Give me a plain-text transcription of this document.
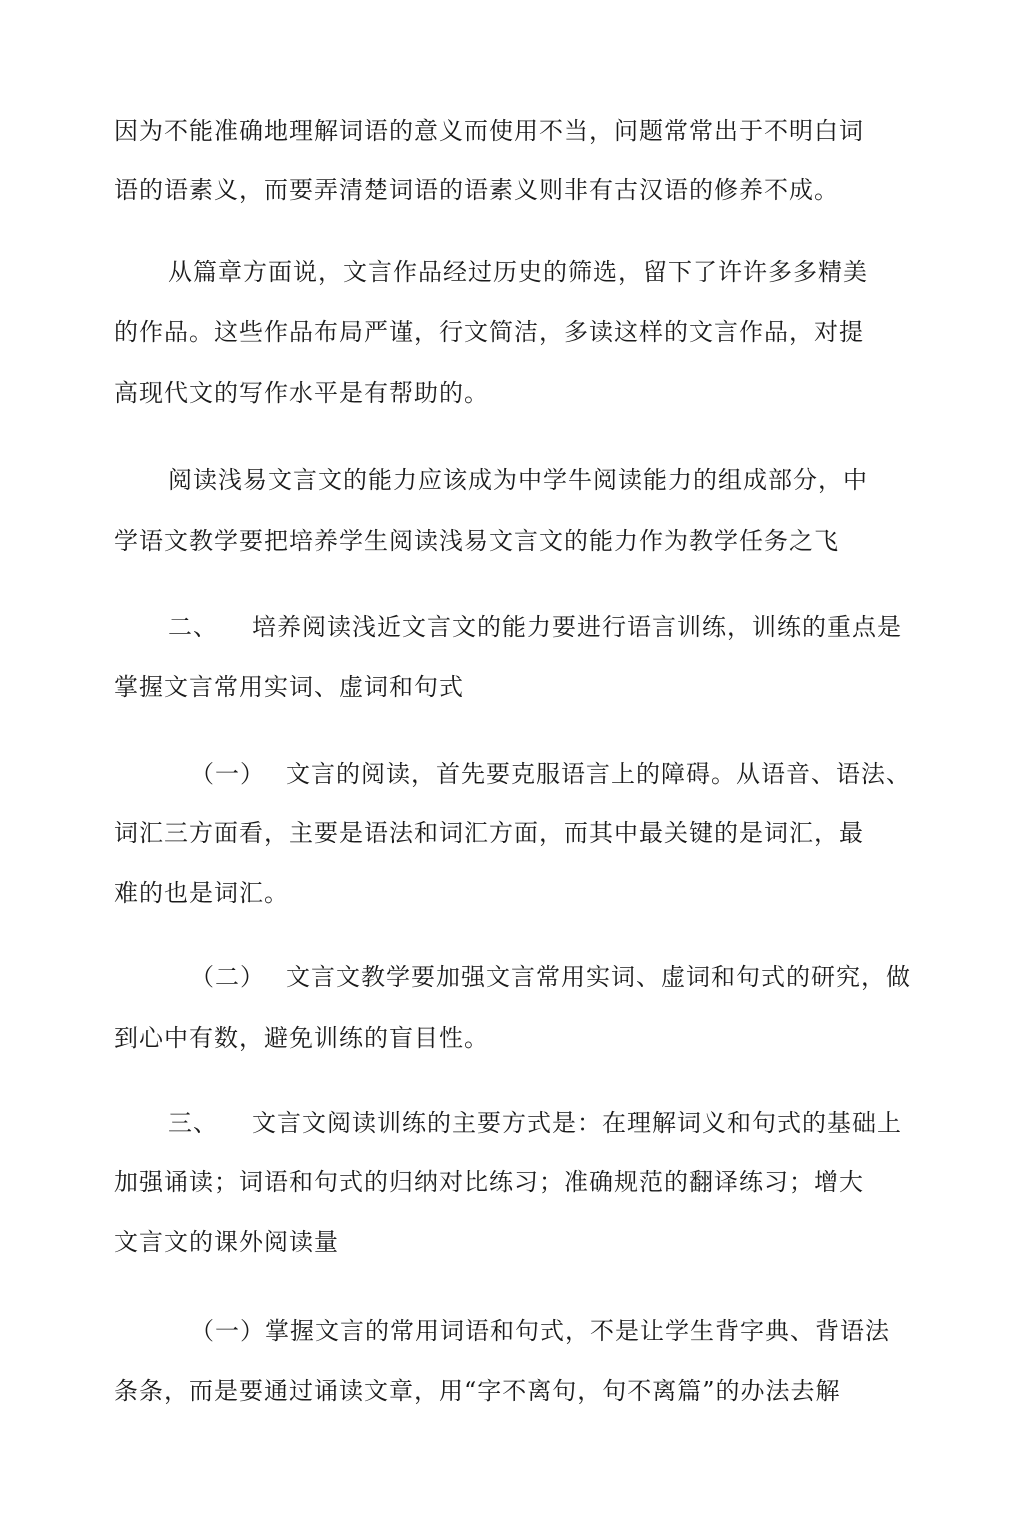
因为不能准确地理解词语的意义而使用不当，问题常常出于不明白词
语的语素义，而要弄清楚词语的语素义则非有古汉语的修养不成。
从篇章方面说，文言作品经过历史的筛选，留下了许许多多精美
的作品。这些作品布局严谨，行文简洁，多读这样的文言作品，对提
高现代文的写作水平是有帮助的。
阅读浅易文言文的能力应该成为中学牛阅读能力的组成部分，中
学语文教学要把培养学生阅读浅易文言文的能力作为教学任务之飞
二、 培养阅读浅近文言文的能力要进行语言训练，训练的重点是
掌握文言常用实词、虚词和句式
（一） 文言的阅读，首先要克服语言上的障碍。从语音、语法、
词汇三方面看，主要是语法和词汇方面，而其中最关键的是词汇，最
难的也是词汇。
（二） 文言文教学要加强文言常用实词、虚词和句式的研究，做
到心中有数，避免训练的盲目性。
三、 文言文阅读训练的主要方式是：在理解词义和句式的基础上
加强诵读；词语和句式的归纳对比练习；准确规范的翻译练习；增大
文言文的课外阅读量
（一）掌握文言的常用词语和句式，不是让学生背字典、背语法
条条，而是要通过诵读文章，用“字不离句，句不离篇”的办法去解
